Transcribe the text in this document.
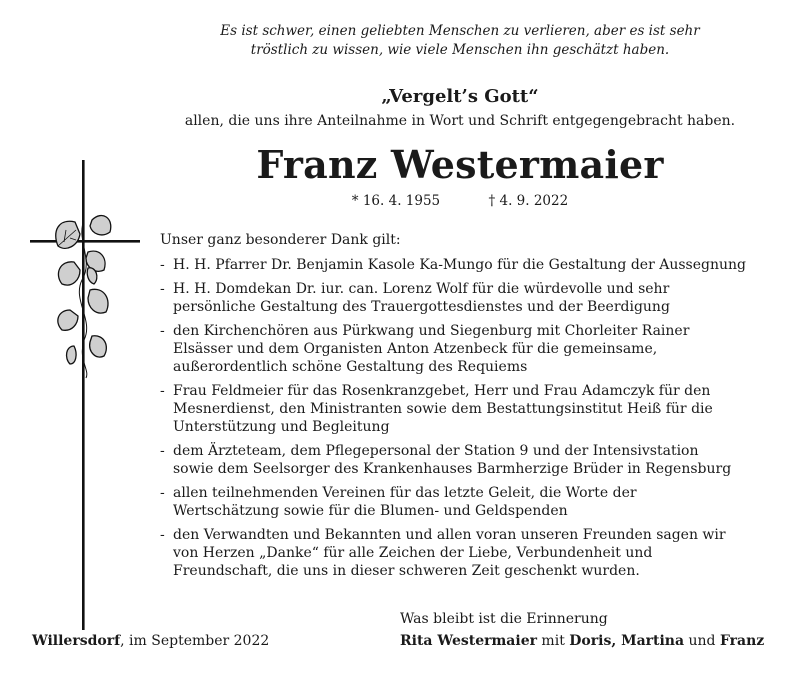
Es ist schwer, einen geliebten Menschen zu verlieren, aber es ist sehr
tröstlich zu wissen, wie viele Menschen ihn geschätzt haben.
„Vergelt’s Gott“
allen, die uns ihre Anteilnahme in Wort und Schrift entgegengebracht haben.
Franz Westermaier
* 16. 4. 1955	† 4. 9. 2022
Unser ganz besonderer Dank gilt:
- H. H. Pfarrer Dr. Benjamin Kasole Ka-Mungo für die Gestaltung der Aussegnung
- H. H. Domdekan Dr. iur. can. Lorenz Wolf für die würdevolle und sehr
persönliche Gestaltung des Trauergottesdienstes und der Beerdigung
- den Kirchenchören aus Pürkwang und Siegenburg mit Chorleiter Rainer
Elsässer und dem Organisten Anton Atzenbeck für die gemeinsame,
außerordentlich schöne Gestaltung des Requiems
- Frau Feldmeier für das Rosenkranzgebet, Herr und Frau Adamczyk für den
Mesnerdienst, den Ministranten sowie dem Bestattungsinstitut Heiß für die
Unterstützung und Begleitung
- dem Ärzteteam, dem Pflegepersonal der Station 9 und der Intensivstation
sowie dem Seelsorger des Krankenhauses Barmherzige Brüder in Regensburg
- allen teilnehmenden Vereinen für das letzte Geleit, die Worte der
Wertschätzung sowie für die Blumen- und Geldspenden
- den Verwandten und Bekannten und allen voran unseren Freunden sagen wir
von Herzen „Danke“ für alle Zeichen der Liebe, Verbundenheit und
Freundschaft, die uns in dieser schweren Zeit geschenkt wurden.
Was bleibt ist die Erinnerung
Willersdorf, im September 2022	Rita Westermaier mit Doris, Martina und Franz
